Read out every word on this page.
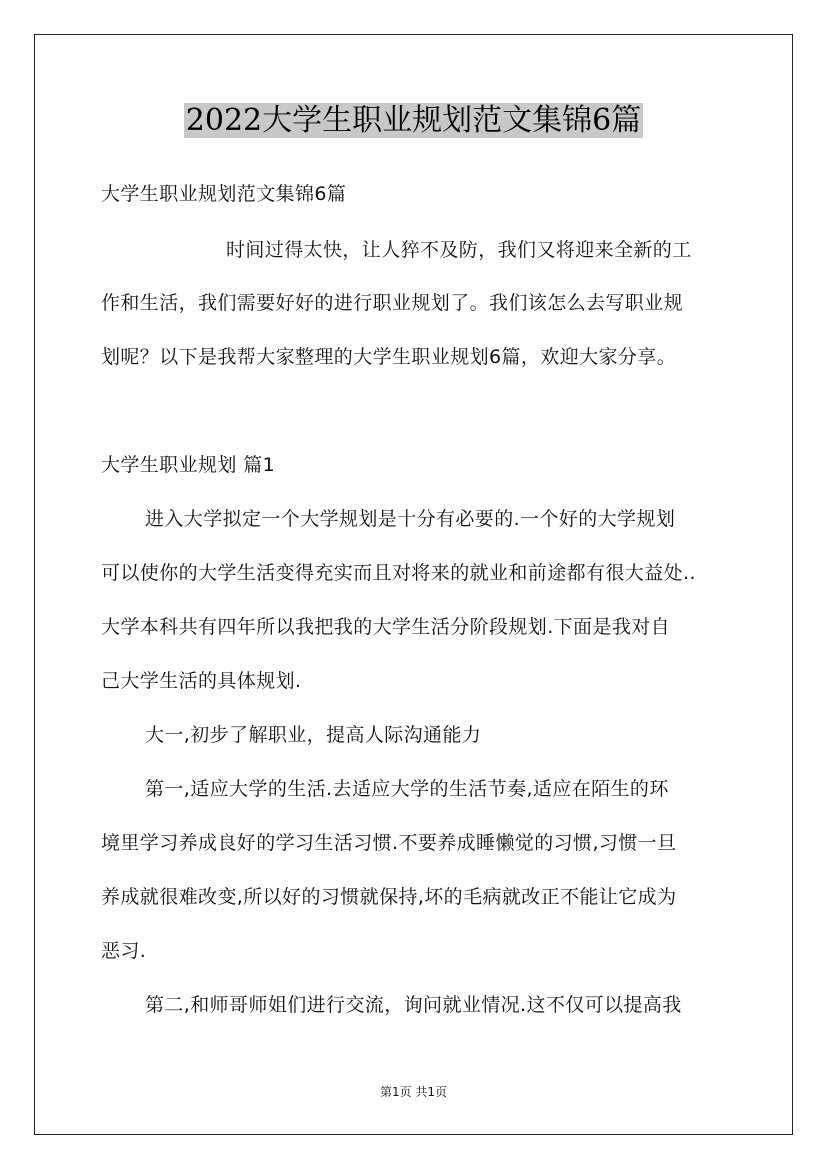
2022大学生职业规划范文集锦6篇
大学生职业规划范文集锦6篇
时间过得太快，让人猝不及防，我们又将迎来全新的工
作和生活，我们需要好好的进行职业规划了。我们该怎么去写职业规
划呢？以下是我帮大家整理的大学生职业规划6篇，欢迎大家分享。
大学生职业规划 篇1
进入大学拟定一个大学规划是十分有必要的.一个好的大学规划
可以使你的大学生活变得充实而且对将来的就业和前途都有很大益处..
大学本科共有四年所以我把我的大学生活分阶段规划.下面是我对自
己大学生活的具体规划.
大一,初步了解职业，提高人际沟通能力
第一,适应大学的生活.去适应大学的生活节奏,适应在陌生的环
境里学习养成良好的学习生活习惯.不要养成睡懒觉的习惯,习惯一旦
养成就很难改变,所以好的习惯就保持,坏的毛病就改正不能让它成为
恶习.
第二,和师哥师姐们进行交流，询问就业情况.这不仅可以提高我
第1页 共1页
